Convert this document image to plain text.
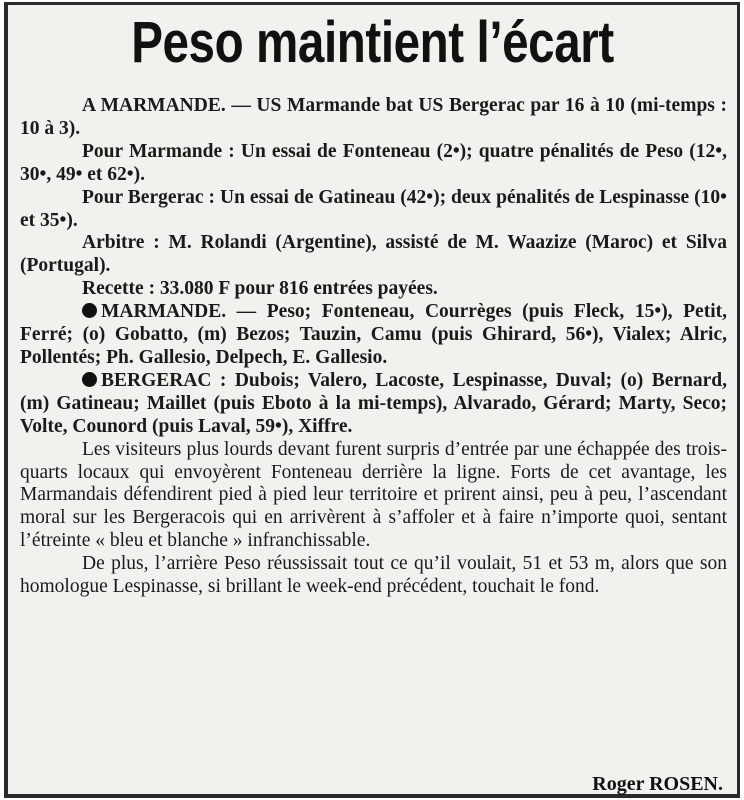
Peso maintient l’écart

A MARMANDE. — US Marmande bat US Bergerac par 16 à 10 (mi-temps : 10 à 3).

Pour Marmande : Un essai de Fonteneau (2•); quatre pénalités de Peso (12•, 30•, 49• et 62•).

Pour Bergerac : Un essai de Gatineau (42•); deux pénalités de Lespinasse (10• et 35•).

Arbitre : M. Rolandi (Argentine), assisté de M. Waazize (Maroc) et Silva (Portugal).

Recette : 33.080 F pour 816 entrées payées.

MARMANDE. — Peso; Fonteneau, Courrèges (puis Fleck, 15•), Petit, Ferré; (o) Gobatto, (m) Bezos; Tauzin, Camu (puis Ghirard, 56•), Vialex; Alric, Pollentés; Ph. Gallesio, Delpech, E. Gallesio.

BERGERAC : Dubois; Valero, Lacoste, Lespinasse, Duval; (o) Bernard, (m) Gatineau; Maillet (puis Eboto à la mi-temps), Alvarado, Gérard; Marty, Seco; Volte, Counord (puis Laval, 59•), Xiffre.

Les visiteurs plus lourds devant furent surpris d’entrée par une échappée des trois-quarts locaux qui envoyèrent Fonteneau derrière la ligne. Forts de cet avantage, les Marmandais défendirent pied à pied leur territoire et prirent ainsi, peu à peu, l’ascendant moral sur les Bergeracois qui en arrivèrent à s’affoler et à faire n’importe quoi, sentant l’étreinte « bleu et blanche » infranchissable.

De plus, l’arrière Peso réussissait tout ce qu’il voulait, 51 et 53 m, alors que son homologue Lespinasse, si brillant le week-end précédent, touchait le fond.

Roger ROSEN.
